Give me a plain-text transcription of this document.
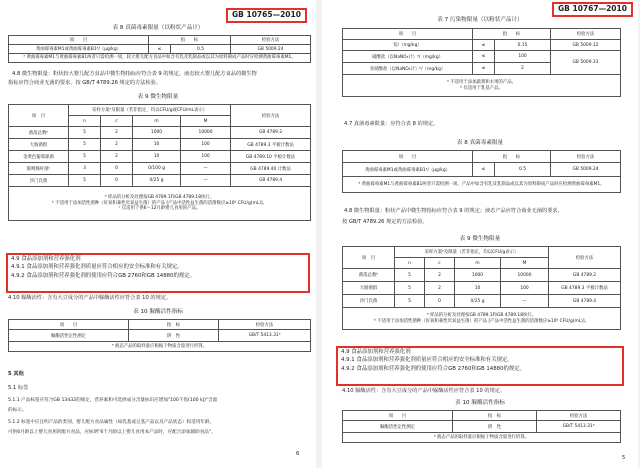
GB 10765—2010
表 8 真菌毒素限量（以粉状产品计）
项　　目	指　　标		检验方法
黄曲霉毒素M1或黄曲霉毒素B1ᵃ/（μg/kg）	≤	0.5	GB 5009.24
ᵃ 黄曲霉毒素M1与黄曲霉毒素B1两者只需检测一项，较大婴儿配方食品中如含有乳及乳制品或以其为原料制成产品时应检测黄曲霉毒素M1。			
4.8 微生物限量：粉状较大婴儿配方食品中微生物指标应符合表 9 的规定，液态较大婴儿配方食品的微生物
指标应符合商业无菌的要求，按 GB/T 4789.26 规定的方法检验。
表 9 微生物限量
项　目	采样方案ᵃ及限量（若非指定，均以CFU/g或CFU/mL表示）				检验方法
	n	c	m	M	
菌落总数ᵇ	5	2	1000	10000	GB 4789.2
大肠菌群	5	2	10	100	GB 4789.3 平板计数法
金黄色葡萄球菌	5	2	10	100	GB 4789.10 平板计数法
阪崎肠杆菌ᶜ	3	0	0/100 g	—	GB 4789.40 计数法
沙门氏菌	5	0	0/25 g	—	GB 4789.4

ᵃ 样品的分析及处理按GB 4789.1和GB 4789.18执行。
ᵇ 不适用于添加活性菌种（好氧和兼性厌氧益生菌）的产品 [产品中活性益生菌的活菌数应≥10⁶ CFU/g(mL)]。
ᶜ 仅适用于供6～12月龄婴儿食用的产品。					
4.9 食品添加剂和营养强化剂
4.9.1 食品添加剂和营养强化剂质量应符合相应的安全标准和有关规定。
4.9.2 食品添加剂和营养强化剂的使用应符合GB 2760和GB 14880的规定。
4.10 脲酶活性：含有大豆成分的产品中脲酶活性应符合表 10 的规定。
表 10 脲酶活性指标
项　　目	指　标	检验方法
脲酶活性定性测定	阴　性	GB/T 5413.31ᵃ
ᵃ 液态产品的取样量应根据干物质含量进行折算。		
5 其他
5.1 标签
5.1.1 产品标签应符合GB 13432的规定，营养素和可选择成分含量标识应增加"100千焦(100 kJ)"含量
的标示。
5.1.2 标签中应注明产品的类别、婴儿配方食品属性（如乳基或豆基产品以及产品状态）和适用年龄。
可供6月龄以上婴儿食用的配方食品，应标明"6个月龄以上婴儿食用本产品时，应配合添加辅助食品"。
6
GB 10767—2010
表 7 污染物限量（以粉状产品计）
项　　目	指　　标		检验方法
铅/（mg/kg）	≤	0.15	GB 5009.12
硝酸盐（以NaNO₃计）ᵃ/（mg/kg）	≤	100	GB 5009.33
亚硝酸盐（以NaNO₂计）ᵇ/（mg/kg）	≤	2	

ᵃ 不适用于添加蔬菜和水果的产品。
ᵇ 仅适用于乳基产品。			
4.7 真菌毒素限量：应符合表 8 的规定。
表 8 真菌毒素限量
项　　目	指　　标		检验方法
黄曲霉毒素M1或黄曲霉毒素B1ᵃ/（μg/kg）	≤	0.5	GB 5009.24
ᵃ 黄曲霉毒素M1与黄曲霉毒素B1两者只需检测一项，产品中如含有乳及乳制品或以其为原料制成产品时应检测黄曲霉毒素M1。			
4.8 微生物限量：粉状产品中微生物指标应符合表 9 的规定；液态产品应符合商业无菌的要求，
按 GB/T 4789.26 规定的方法检验。
表 9 微生物限量
项　目	采样方案ᵃ及限量（若非指定，均以CFU/g表示）				检验方法
	n	c	m	M	
菌落总数ᵇ	5	2	1000	10000	GB 4789.2
大肠菌群	5	2	10	100	GB 4789.3 平板计数法
沙门氏菌	5	0	0/25 g	—	GB 4789.4

ᵃ 样品的分析及处理按GB 4789.1和GB 4789.18执行。
ᵇ 不适用于添加活性菌种（好氧和兼性厌氧益生菌）的产品 [产品中活性益生菌的活菌数应≥10⁶ CFU/g(mL)]。					
4.9 食品添加剂和营养强化剂
4.9.1 食品添加剂和营养强化剂质量应符合相应的安全标准和有关规定。
4.9.2 食品添加剂和营养强化剂的使用应符合GB 2760和GB 14880的规定。
4.10 脲酶活性：含有大豆成分的产品中脲酶活性应符合表 10 的规定。
表 10 脲酶活性指标
项　　目	指　标	检验方法
脲酶活性定性测定	阴　性	GB/T 5413.31ᵃ
ᵃ 液态产品的取样量应根据干物质含量进行折算。		
5
